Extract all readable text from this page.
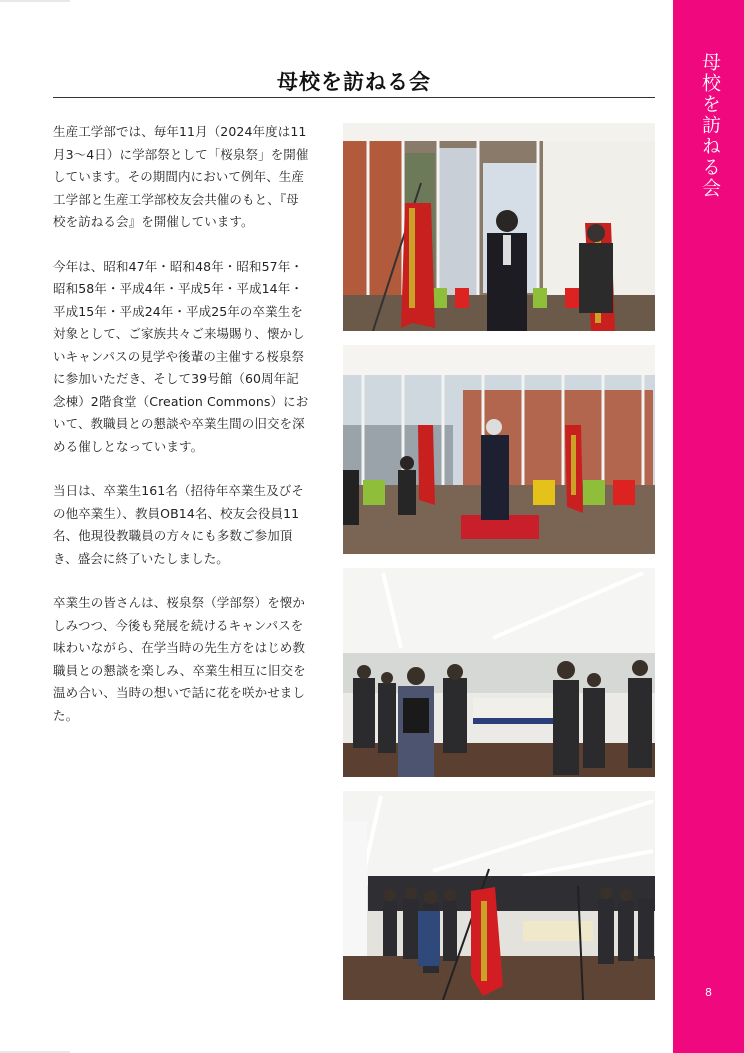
母校を訪ねる会	母校を訪ねる会
8

生産工学部では、毎年11月（2024年度は11月3〜4日）に学部祭として「桜泉祭」を開催しています。その期間内において例年、生産工学部と生産工学部校友会共催のもと、『母校を訪ねる会』を開催しています。

今年は、昭和47年・昭和48年・昭和57年・昭和58年・平成4年・平成5年・平成14年・平成15年・平成24年・平成25年の卒業生を対象として、ご家族共々ご来場賜り、懐かしいキャンパスの見学や後輩の主催する桜泉祭に参加いただき、そして39号館（60周年記念棟）2階食堂（Creation Commons）において、教職員との懇談や卒業生間の旧交を深める催しとなっています。

当日は、卒業生161名（招待年卒業生及びその他卒業生）、教員OB14名、校友会役員11名、他現役教職員の方々にも多数ご参加頂き、盛会に終了いたしました。

卒業生の皆さんは、桜泉祭（学部祭）を懐かしみつつ、今後も発展を続けるキャンパスを味わいながら、在学当時の先生方をはじめ教職員との懇談を楽しみ、卒業生相互に旧交を温め合い、当時の想いで話に花を咲かせました。
